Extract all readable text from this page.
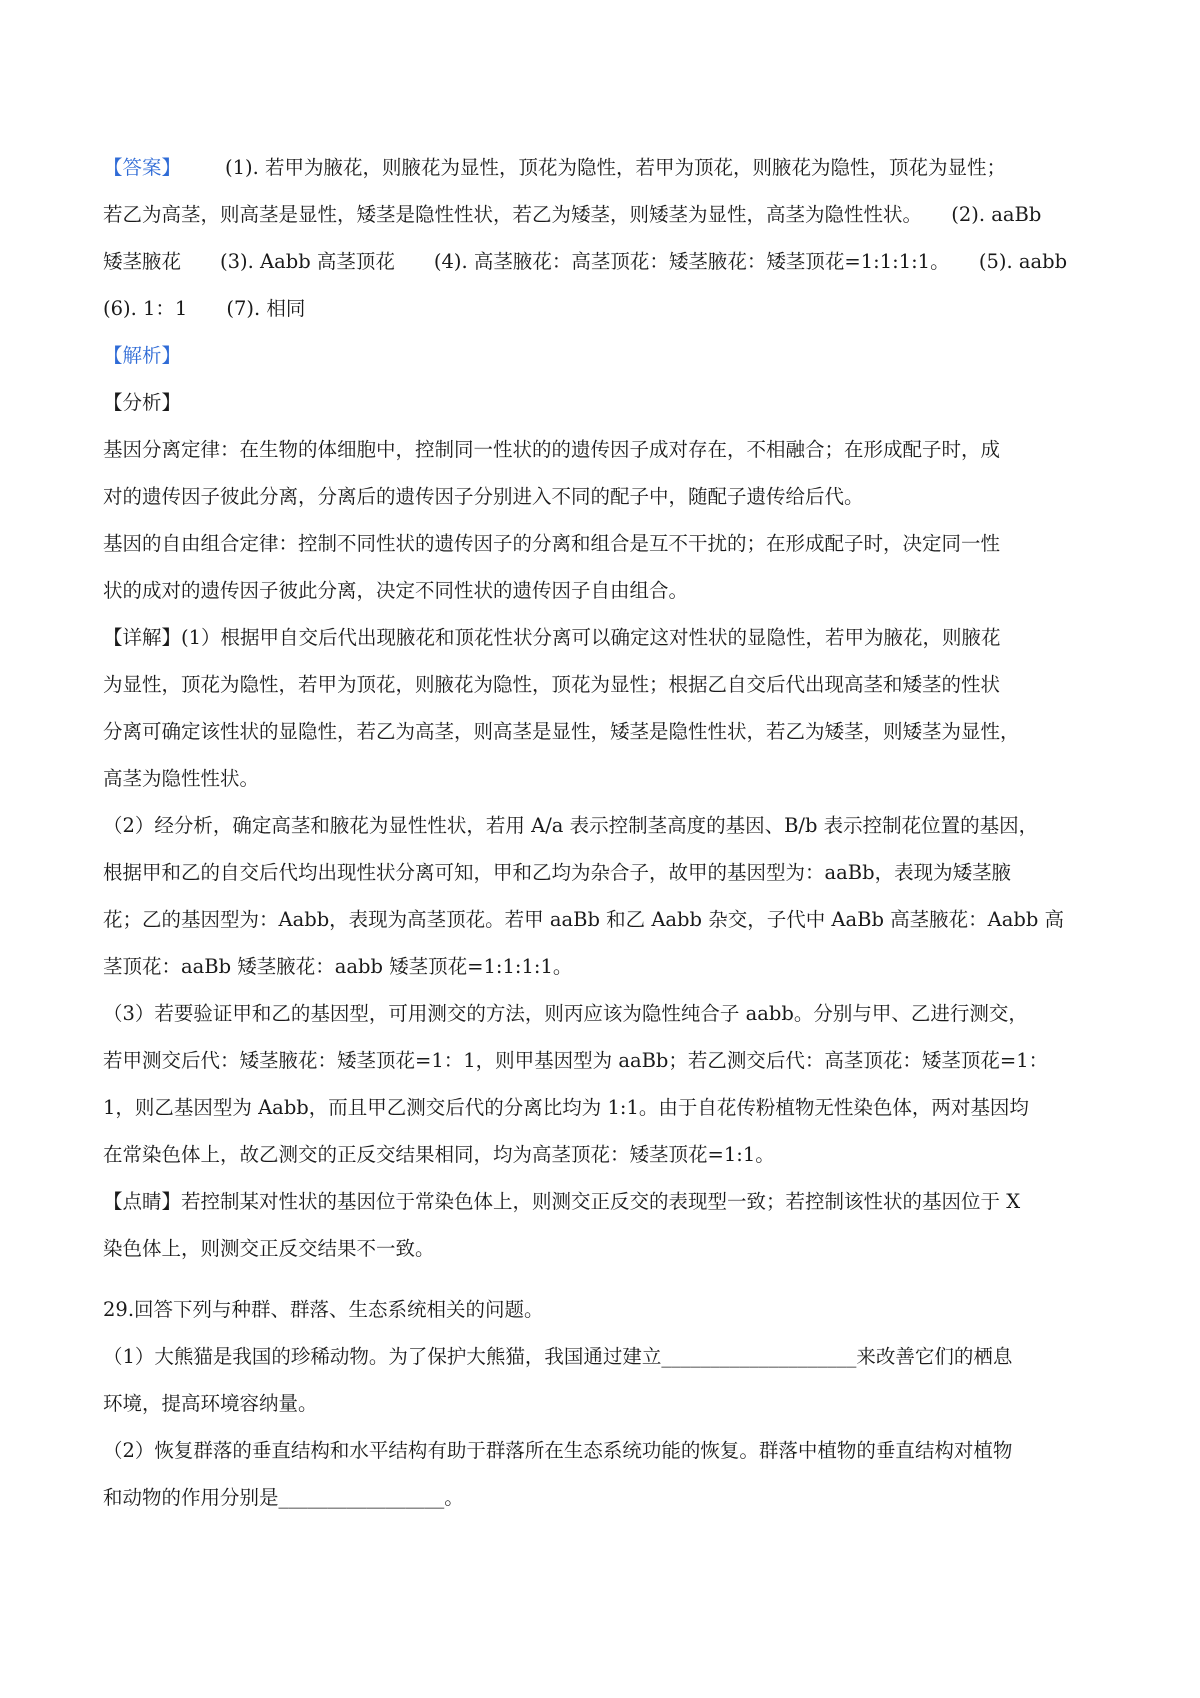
【答案】 (1). 若甲为腋花，则腋花为显性，顶花为隐性，若甲为顶花，则腋花为隐性，顶花为显性；
若乙为高茎，则高茎是显性，矮茎是隐性性状，若乙为矮茎，则矮茎为显性，高茎为隐性性状。　　(2). aaBb
矮茎腋花　　(3). Aabb 高茎顶花　　(4). 高茎腋花：高茎顶花：矮茎腋花：矮茎顶花=1:1:1:1。　　(5). aabb
(6). 1：1　　(7). 相同
【解析】
【分析】
基因分离定律：在生物的体细胞中，控制同一性状的的遗传因子成对存在，不相融合；在形成配子时，成
对的遗传因子彼此分离，分离后的遗传因子分别进入不同的配子中，随配子遗传给后代。
基因的自由组合定律：控制不同性状的遗传因子的分离和组合是互不干扰的；在形成配子时，决定同一性
状的成对的遗传因子彼此分离，决定不同性状的遗传因子自由组合。
【详解】(1）根据甲自交后代出现腋花和顶花性状分离可以确定这对性状的显隐性，若甲为腋花，则腋花
为显性，顶花为隐性，若甲为顶花，则腋花为隐性，顶花为显性；根据乙自交后代出现高茎和矮茎的性状
分离可确定该性状的显隐性，若乙为高茎，则高茎是显性，矮茎是隐性性状，若乙为矮茎，则矮茎为显性，
高茎为隐性性状。
（2）经分析，确定高茎和腋花为显性性状，若用 A/a 表示控制茎高度的基因、B/b 表示控制花位置的基因，
根据甲和乙的自交后代均出现性状分离可知，甲和乙均为杂合子，故甲的基因型为：aaBb，表现为矮茎腋
花；乙的基因型为：Aabb，表现为高茎顶花。若甲 aaBb 和乙 Aabb 杂交，子代中 AaBb 高茎腋花：Aabb 高
茎顶花：aaBb 矮茎腋花：aabb 矮茎顶花=1:1:1:1。
（3）若要验证甲和乙的基因型，可用测交的方法，则丙应该为隐性纯合子 aabb。分别与甲、乙进行测交，
若甲测交后代：矮茎腋花：矮茎顶花=1：1，则甲基因型为 aaBb；若乙测交后代：高茎顶花：矮茎顶花=1：
1，则乙基因型为 Aabb，而且甲乙测交后代的分离比均为 1:1。由于自花传粉植物无性染色体，两对基因均
在常染色体上，故乙测交的正反交结果相同，均为高茎顶花：矮茎顶花=1:1。
【点睛】若控制某对性状的基因位于常染色体上，则测交正反交的表现型一致；若控制该性状的基因位于 X
染色体上，则测交正反交结果不一致。
29.回答下列与种群、群落、生态系统相关的问题。
（1）大熊猫是我国的珍稀动物。为了保护大熊猫，我国通过建立____________________来改善它们的栖息
环境，提高环境容纳量。
（2）恢复群落的垂直结构和水平结构有助于群落所在生态系统功能的恢复。群落中植物的垂直结构对植物
和动物的作用分别是_________________。
